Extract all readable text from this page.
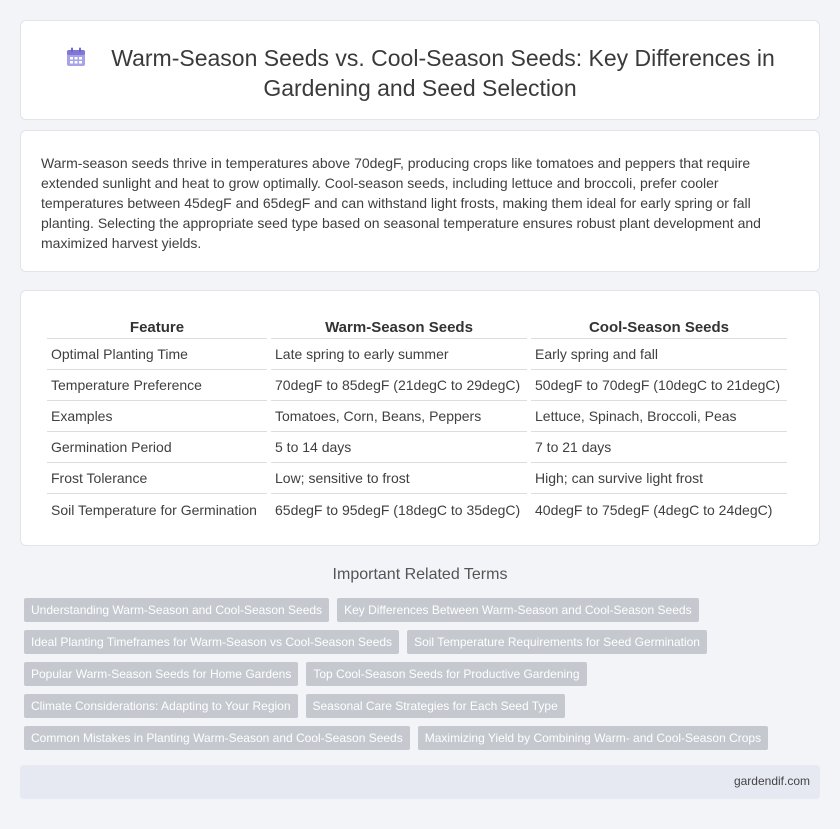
Warm-Season Seeds vs. Cool-Season Seeds: Key Differences in Gardening and Seed Selection

Warm-season seeds thrive in temperatures above 70degF, producing crops like tomatoes and peppers that require extended sunlight and heat to grow optimally. Cool-season seeds, including lettuce and broccoli, prefer cooler temperatures between 45degF and 65degF and can withstand light frosts, making them ideal for early spring or fall planting. Selecting the appropriate seed type based on seasonal temperature ensures robust plant development and maximized harvest yields.

Feature	Warm-Season Seeds	Cool-Season Seeds
Optimal Planting Time	Late spring to early summer	Early spring and fall
Temperature Preference	70degF to 85degF (21degC to 29degC)	50degF to 70degF (10degC to 21degC)
Examples	Tomatoes, Corn, Beans, Peppers	Lettuce, Spinach, Broccoli, Peas
Germination Period	5 to 14 days	7 to 21 days
Frost Tolerance	Low; sensitive to frost	High; can survive light frost
Soil Temperature for Germination	65degF to 95degF (18degC to 35degC)	40degF to 75degF (4degC to 24degC)
Important Related Terms
Understanding Warm-Season and Cool-Season Seeds	Key Differences Between Warm-Season and Cool-Season Seeds
Ideal Planting Timeframes for Warm-Season vs Cool-Season Seeds	Soil Temperature Requirements for Seed Germination
Popular Warm-Season Seeds for Home Gardens	Top Cool-Season Seeds for Productive Gardening
Climate Considerations: Adapting to Your Region	Seasonal Care Strategies for Each Seed Type
Common Mistakes in Planting Warm-Season and Cool-Season Seeds	Maximizing Yield by Combining Warm- and Cool-Season Crops
gardendif.com
